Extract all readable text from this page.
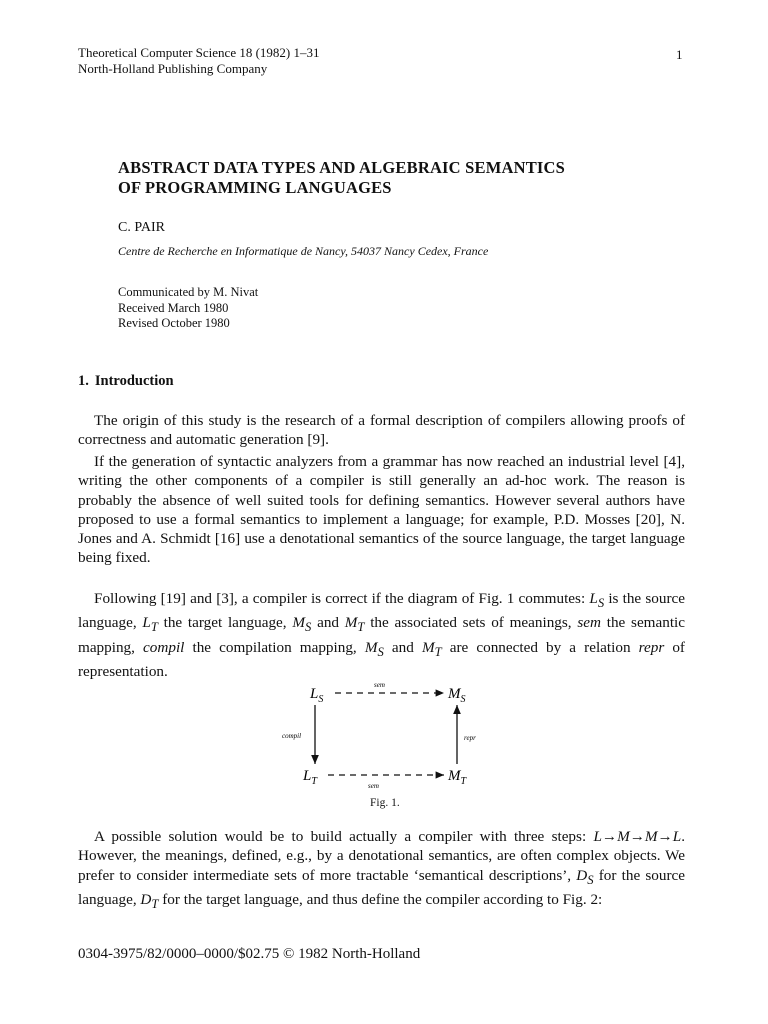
Theoretical Computer Science 18 (1982) 1–31
North-Holland Publishing Company
1
ABSTRACT DATA TYPES AND ALGEBRAIC SEMANTICS
OF PROGRAMMING LANGUAGES
C. PAIR
Centre de Recherche en Informatique de Nancy, 54037 Nancy Cedex, France
Communicated by M. Nivat
Received March 1980
Revised October 1980
1. Introduction

The origin of this study is the research of a formal description of compilers allowing proofs of correctness and automatic generation [9].

If the generation of syntactic analyzers from a grammar has now reached an industrial level [4], writing the other components of a compiler is still generally an ad-hoc work. The reason is probably the absence of well suited tools for defining semantics. However several authors have proposed to use a formal semantics to implement a language; for example, P.D. Mosses [20], N. Jones and A. Schmidt [16] use a denotational semantics of the source language, the target language being fixed.

Following [19] and [3], a compiler is correct if the diagram of Fig. 1 commutes: $L_S$ is the source language, $L_T$ the target language, $M_S$ and $M_T$ the associated sets of meanings, sem the semantic mapping, compil the compilation mapping, $M_S$ and $M_T$ are connected by a relation repr of representation.

$L_S$	$M_S$
$L_T$	$M_T$
sem
sem
compil	repr
Fig. 1.

A possible solution would be to build actually a compiler with three steps: L→M→M→L. However, the meanings, defined, e.g., by a denotational semantics, are often complex objects. We prefer to consider intermediate sets of more tractable ‘semantical descriptions’, $D_S$ for the source language, $D_T$ for the target language, and thus define the compiler according to Fig. 2:

0304-3975/82/0000–0000/$02.75 © 1982 North-Holland
